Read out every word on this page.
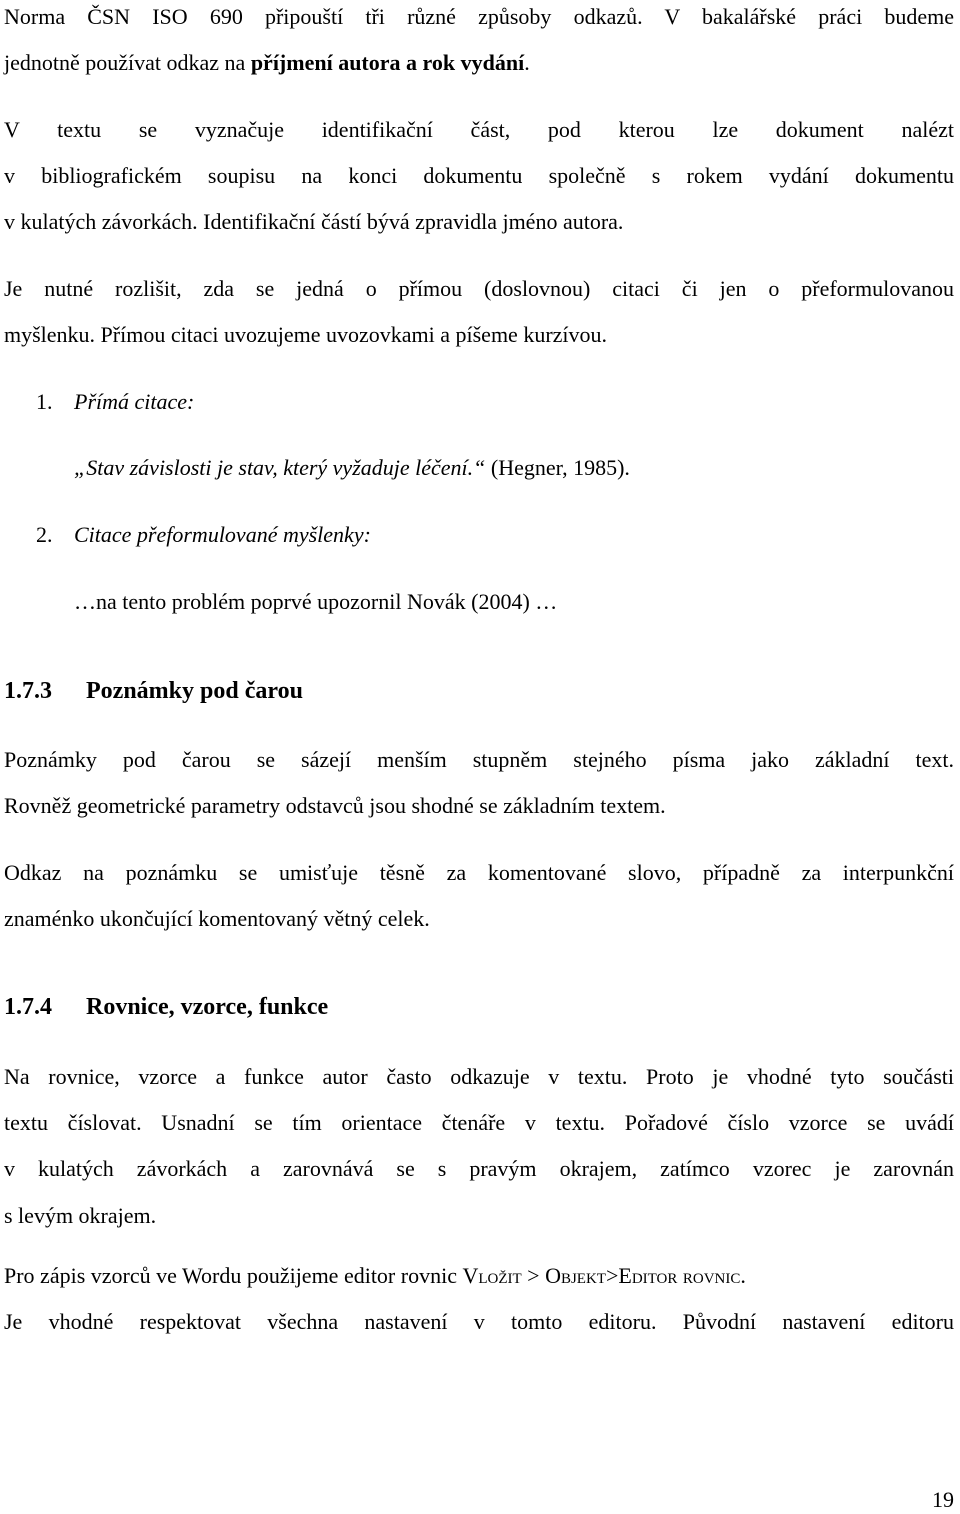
Norma ČSN ISO 690 připouští tři různé způsoby odkazů. V bakalářské práci budeme
jednotně používat odkaz na příjmení autora a rok vydání.
V textu se vyznačuje identifikační část, pod kterou lze dokument nalézt
v bibliografickém soupisu na konci dokumentu společně s rokem vydání dokumentu
v kulatých závorkách. Identifikační částí bývá zpravidla jméno autora.
Je nutné rozlišit, zda se jedná o přímou (doslovnou) citaci či jen o přeformulovanou
myšlenku. Přímou citaci uvozujeme uvozovkami a píšeme kurzívou.
1. Přímá citace:
„Stav závislosti je stav, který vyžaduje léčení.“ (Hegner, 1985).
2. Citace přeformulované myšlenky:
…na tento problém poprvé upozornil Novák (2004) …
1.7.3 Poznámky pod čarou
Poznámky pod čarou se sázejí menším stupněm stejného písma jako základní text.
Rovněž geometrické parametry odstavců jsou shodné se základním textem.
Odkaz na poznámku se umisťuje těsně za komentované slovo, případně za interpunkční
znaménko ukončující komentovaný větný celek.
1.7.4 Rovnice, vzorce, funkce
Na rovnice, vzorce a funkce autor často odkazuje v textu. Proto je vhodné tyto součásti
textu číslovat. Usnadní se tím orientace čtenáře v textu. Pořadové číslo vzorce se uvádí
v kulatých závorkách a zarovnává se s pravým okrajem, zatímco vzorec je zarovnán
s levým okrajem.
Pro zápis vzorců ve Wordu použijeme editor rovnic Vložit > Objekt>Editor rovnic.
Je vhodné respektovat všechna nastavení v tomto editoru. Původní nastavení editoru
19
